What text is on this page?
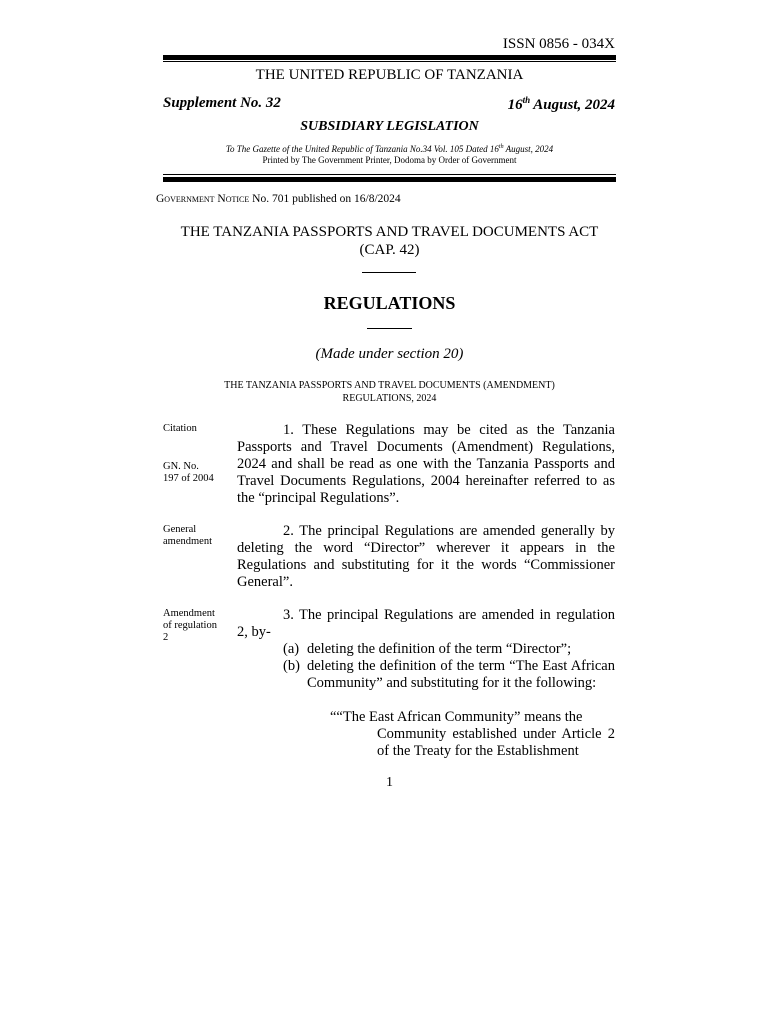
ISSN 0856 - 034X
THE UNITED REPUBLIC OF TANZANIA
Supplement No. 32	16th August, 2024
SUBSIDIARY LEGISLATION
To The Gazette of the United Republic of Tanzania No.34 Vol. 105 Dated 16th August, 2024
Printed by The Government Printer, Dodoma by Order of Government
Government Notice No. 701 published on 16/8/2024
THE TANZANIA PASSPORTS AND TRAVEL DOCUMENTS ACT
(CAP. 42)
REGULATIONS
(Made under section 20)
THE TANZANIA PASSPORTS AND TRAVEL DOCUMENTS (AMENDMENT)
REGULATIONS, 2024
Citation
GN. No.
197 of 2004
1. These Regulations may be cited as the Tanzania Passports and Travel Documents (Amendment) Regulations, 2024 and shall be read as one with the Tanzania Passports and Travel Documents Regulations, 2004 hereinafter referred to as the “principal Regulations”.
General
amendment
2. The principal Regulations are amended generally by deleting the word “Director” wherever it appears in the Regulations and substituting for it the words “Commissioner General”.
Amendment
of regulation
2
3. The principal Regulations are amended in regulation 2, by-
(a) deleting the definition of the term “Director”;
(b) deleting the definition of the term “The East African Community” and substituting for it the following:
““The East African Community” means the
Community established under Article 2 of the Treaty for the Establishment
1
